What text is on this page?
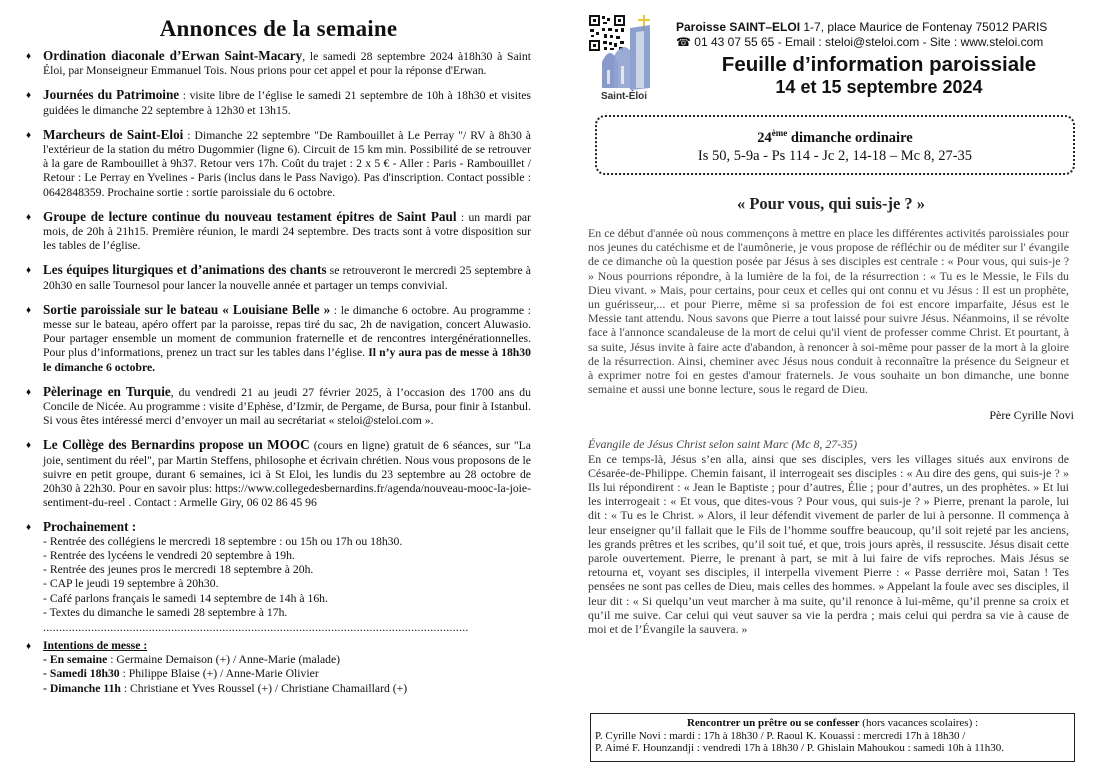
Annonces de la semaine
♦ Ordination diaconale d’Erwan Saint-Macary, le samedi 28 septembre 2024 à18h30 à Saint Éloi, par Monseigneur Emmanuel Tois. Nous prions pour cet appel et pour la réponse d'Erwan.
♦ Journées du Patrimoine : visite libre de l’église le samedi 21 septembre de 10h à 18h30 et visites guidées le dimanche 22 septembre à 12h30 et 13h15.
♦ Marcheurs de Saint-Eloi : Dimanche 22 septembre "De Rambouillet à Le Perray "/ RV à 8h30 à l'extérieur de la station du métro Dugommier (ligne 6). Circuit de 15 km min. Possibilité de se retrouver à la gare de Rambouillet à 9h37. Retour vers 17h. Coût du trajet : 2 x 5 € - Aller : Paris - Rambouillet / Retour : Le Perray en Yvelines - Paris (inclus dans le Pass Navigo). Pas d'inscription. Contact possible : 0642848359. Prochaine sortie : sortie paroissiale du 6 octobre.
♦ Groupe de lecture continue du nouveau testament épitres de Saint Paul : un mardi par mois, de 20h à 21h15. Première réunion, le mardi 24 septembre. Des tracts sont à votre disposition sur les tables de l’église.
♦ Les équipes liturgiques et d’animations des chants se retrouveront le mercredi 25 septembre à 20h30 en salle Tournesol pour lancer la nouvelle année et partager un temps convivial.
♦ Sortie paroissiale sur le bateau « Louisiane Belle » : le dimanche 6 octobre. Au programme : messe sur le bateau, apéro offert par la paroisse, repas tiré du sac, 2h de navigation, concert Aluwasio. Pour partager ensemble un moment de communion fraternelle et de rencontres intergénérationnelles. Pour plus d’informations, prenez un tract sur les tables dans l’église. Il n’y aura pas de messe à 18h30 le dimanche 6 octobre.
♦ Pèlerinage en Turquie, du vendredi 21 au jeudi 27 février 2025, à l’occasion des 1700 ans du Concile de Nicée. Au programme : visite d’Ephèse, d’Izmir, de Pergame, de Bursa, pour finir à Istanbul. Si vous êtes intéressé merci d’envoyer un mail au secrétariat « steloi@steloi.com ».
♦ Le Collège des Bernardins propose un MOOC (cours en ligne) gratuit de 6 séances, sur "La joie, sentiment du réel", par Martin Steffens, philosophe et écrivain chrétien. Nous vous proposons de le suivre en petit groupe, durant 6 semaines, ici à St Eloi, les lundis du 23 septembre au 28 octobre de 20h30 à 22h30. Pour en savoir plus: https://www.collegedesbernardins.fr/agenda/nouveau-mooc-la-joie-sentiment-du-reel . Contact : Armelle Giry, 06 02 86 45 96
♦ Prochainement :
- Rentrée des collégiens le mercredi 18 septembre : ou 15h ou 17h ou 18h30.
- Rentrée des lycéens le vendredi 20 septembre à 19h.
- Rentrée des jeunes pros le mercredi 18 septembre à 20h.
- CAP le jeudi 19 septembre à 20h30.
- Café parlons français le samedi 14 septembre de 14h à 16h.
- Textes du dimanche le samedi 28 septembre à 17h.
.....................................................................................................................................
♦ Intentions de messe :
- En semaine : Germaine Demaison (+) / Anne-Marie (malade)
- Samedi 18h30 : Philippe Blaise (+) / Anne-Marie Olivier
- Dimanche 11h : Christiane et Yves Roussel (+) / Christiane Chamaillard (+)
Saint-Éloi
Paroisse SAINT–ELOI 1-7, place Maurice de Fontenay 75012 PARIS
☎ 01 43 07 55 65 - Email : steloi@steloi.com - Site : www.steloi.com
Feuille d’information paroissiale
14 et 15 septembre 2024
24ème dimanche ordinaire
Is 50, 5-9a - Ps 114 - Jc 2, 14-18 – Mc 8, 27-35
« Pour vous, qui suis-je ? »
En ce début d'année où nous commençons à mettre en place les différentes activités paroissiales pour nos jeunes du catéchisme et de l'aumônerie, je vous propose de réfléchir ou de méditer sur l' évangile de ce dimanche où la question posée par Jésus à ses disciples est centrale : « Pour vous, qui suis-je ? » Nous pourrions répondre, à la lumière de la foi, de la résurrection : « Tu es le Messie, le Fils du Dieu vivant. » Mais, pour certains, pour ceux et celles qui ont connu et vu Jésus : Il est un prophète, un guérisseur,... et pour Pierre, même si sa profession de foi est encore imparfaite, Jésus est le Messie tant attendu. Nous savons que Pierre a tout laissé pour suivre Jésus. Néanmoins, il se révolte face à l'annonce scandaleuse de la mort de celui qu'il vient de professer comme Christ. Et pourtant, à sa suite, Jésus invite à faire acte d'abandon, à renoncer à soi-même pour passer de la mort à la gloire de la résurrection. Ainsi, cheminer avec Jésus nous conduit à reconnaître la présence du Seigneur et à exprimer notre foi en gestes d'amour fraternels. Je vous souhaite un bon dimanche, une bonne semaine et aussi une bonne lecture, sous le regard de Dieu.
Père Cyrille Novi
Évangile de Jésus Christ selon saint Marc (Mc 8, 27-35)
En ce temps-là, Jésus s’en alla, ainsi que ses disciples, vers les villages situés aux environs de Césarée-de-Philippe. Chemin faisant, il interrogeait ses disciples : « Au dire des gens, qui suis-je ? » Ils lui répondirent : « Jean le Baptiste ; pour d’autres, Élie ; pour d’autres, un des prophètes. » Et lui les interrogeait : « Et vous, que dites-vous ? Pour vous, qui suis-je ? » Pierre, prenant la parole, lui dit : « Tu es le Christ. » Alors, il leur défendit vivement de parler de lui à personne. Il commença à leur enseigner qu’il fallait que le Fils de l’homme souffre beaucoup, qu’il soit rejeté par les anciens, les grands prêtres et les scribes, qu’il soit tué, et que, trois jours après, il ressuscite. Jésus disait cette parole ouvertement. Pierre, le prenant à part, se mit à lui faire de vifs reproches. Mais Jésus se retourna et, voyant ses disciples, il interpella vivement Pierre : « Passe derrière moi, Satan ! Tes pensées ne sont pas celles de Dieu, mais celles des hommes. » Appelant la foule avec ses disciples, il leur dit : « Si quelqu’un veut marcher à ma suite, qu’il renonce à lui-même, qu’il prenne sa croix et qu’il me suive. Car celui qui veut sauver sa vie la perdra ; mais celui qui perdra sa vie à cause de moi et de l’Évangile la sauvera. »
Rencontrer un prêtre ou se confesser (hors vacances scolaires) :
P. Cyrille Novi : mardi : 17h à 18h30 / P. Raoul K. Kouassi : mercredi 17h à 18h30 /
P. Aimé F. Hounzandji : vendredi 17h à 18h30 / P. Ghislain Mahoukou : samedi 10h à 11h30.
